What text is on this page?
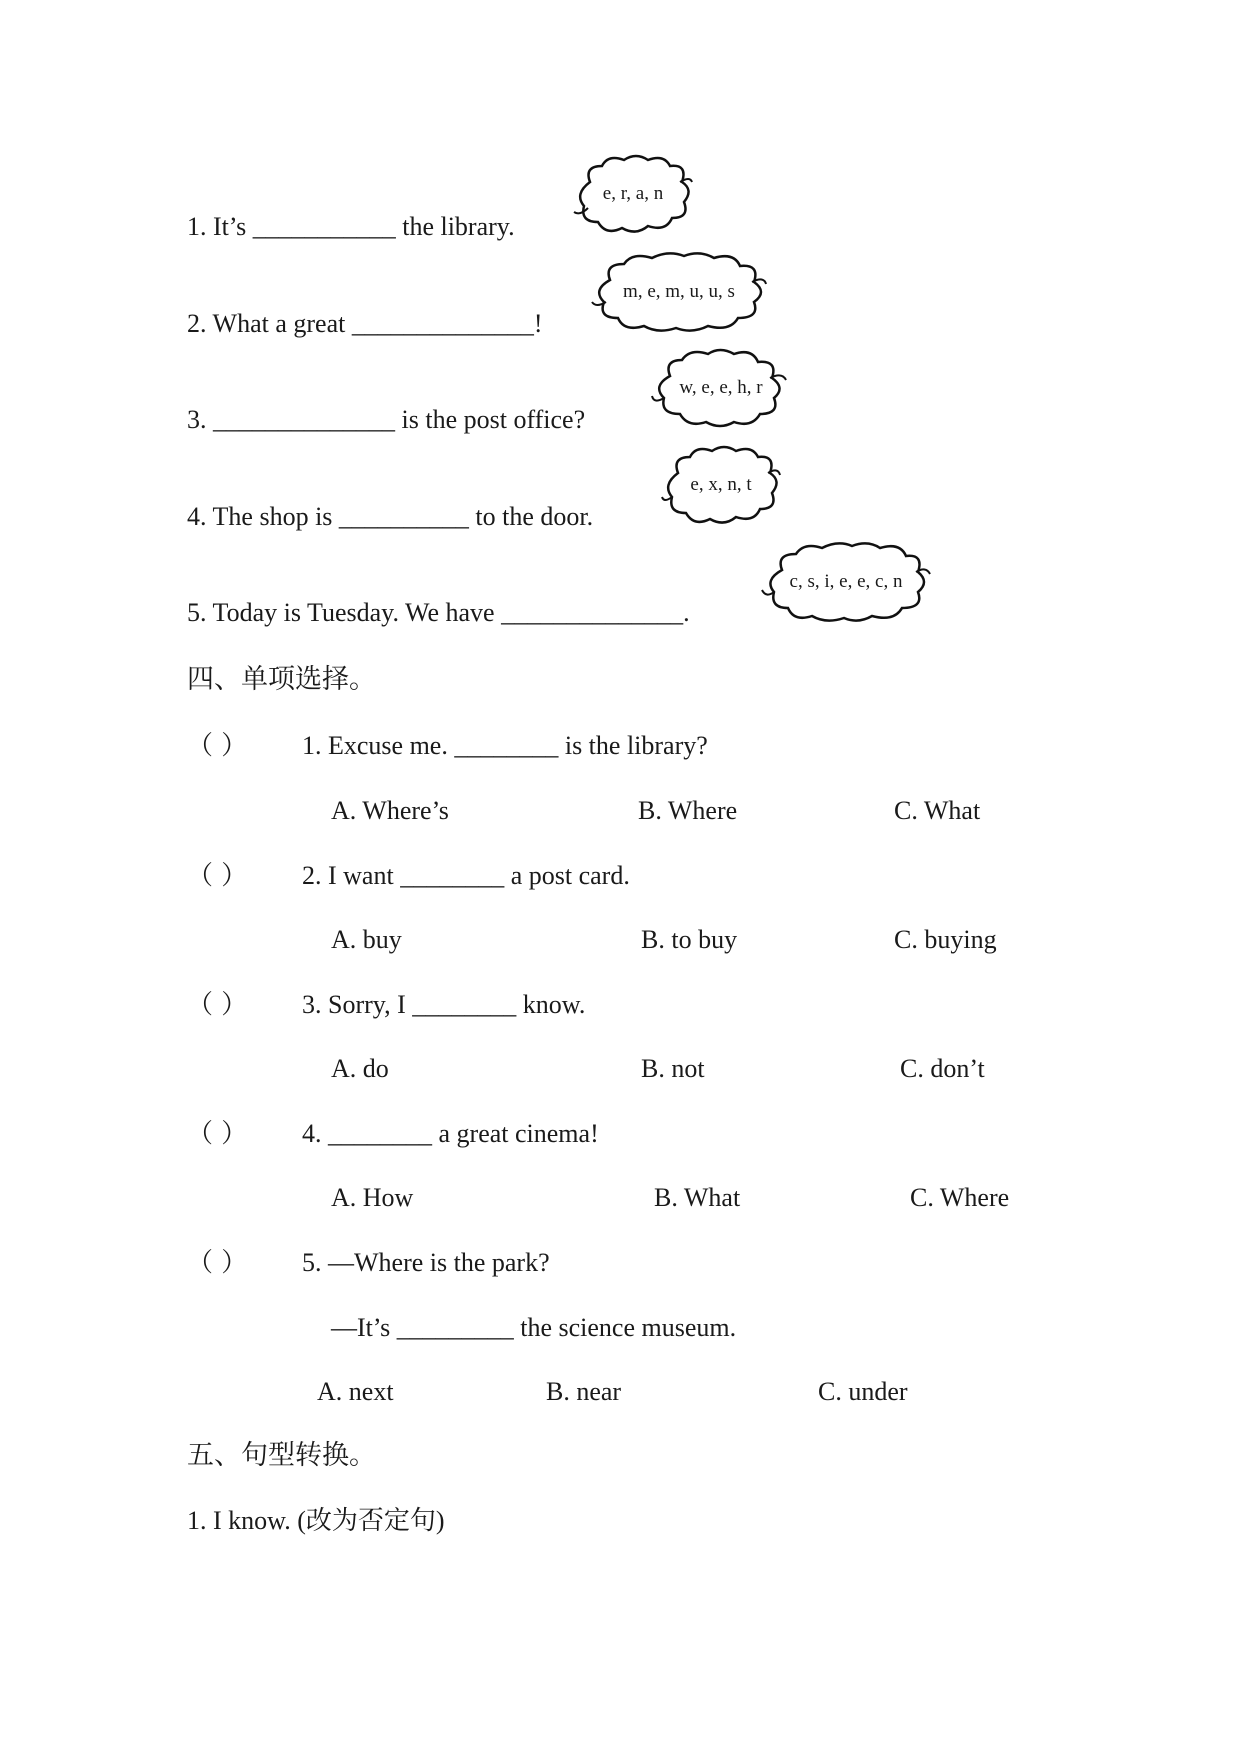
1. It’s ___________ the library.
e, r, a, n
2. What a great ______________!
m, e, m, u, u, s
3. ______________ is the post office?
w, e, e, h, r
4. The shop is __________ to the door.
e, x, n, t
5. Today is Tuesday. We have ______________.
c, s, i, e, e, c, n
四、单项选择。
（ ） 1. Excuse me. ________ is the library?
A. Where’s	B. Where	C. What
（ ） 2. I want ________ a post card.
A. buy	B. to buy	C. buying
（ ） 3. Sorry, I ________ know.
A. do	B. not	C. don’t
（ ） 4. ________ a great cinema!
A. How	B. What	C. Where
（ ） 5. —Where is the park?
—It’s _________ the science museum.
A. next	B. near	C. under
五、句型转换。
1. I know. (改为否定句)
